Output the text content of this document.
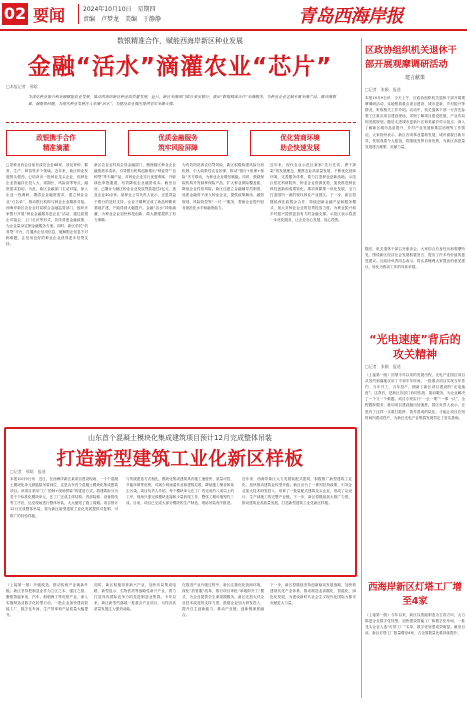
02 要闻	2024年10月10日　星期四
责编　卢梦龙　美编　于静静	青岛西海岸报
数银精准合作，赋能西海岸新区种业发展
金融“活水”滴灌农业“芯片”
□本报记者　邢晗
为深化种业振兴和金融赋能农业发展，推动西海岸新区种业高质量发展，近日，新区金融部门联合多家银行，推出“数银精准合作”金融服务，为种业企业定制专属金融产品，解决融资难、融资贵问题，为现代种业发展注入金融“活水”，为建设农业强区提供坚实金融支撑。
□见种业协会目前有成员企业68家，涉及育种、繁育、生产、种苗等多个领域。近年来，新区种业发展势头强劲，已培育出一批种业龙头企业，但种业企业普遍存在投入大、周期长、风险高等特点，融资需求迫切。为此，新区金融部门主动对接，深入企业一线调研，摸清企业融资需求，建立种业企业“白名单”，推动银行机构与种业企业精准对接。西海岸新区农业农村局联合金融监管部门，组织多家银行开展“种业金融服务进企业”活动，通过政银企对接会、上门走访等形式，宣传普惠金融政策，为企业量身定制金融服务方案。同时，新区依托“信易贷”平台，打通涉企信用信息，破解银企信息不对称难题，让信用良好的种业企业获得更多信贷支持。
政银携手合作
精准滴灌
优质金融服务
筑牢风险屏障
优化营商环境
助企快速发展
新区农业农村局会同金融部门，梳理辖区种业企业融资需求清单，引导银行机构创新推出“种业贷”“良种贷”等专属产品，对种业企业实行优惠利率，开辟绿色审批通道，有效降低企业融资成本。截至目前，已累计为辖区种业企业发放贷款超过2亿元，惠及企业30余家。某种业公司负责人表示，正是得益于银行的及时支持，企业才顺利完成了新品种繁育基地扩建，产能得到大幅提升。金融“活水”持续滴灌，为种业企业加快科技创新、做大做强提供了有力保障。
为有效防范涉农信贷风险，新区积极构建风险分担机制，引入政策性农业担保，推动“银行+担保+保险”多方联动，为种业企业增信赋能。同时，鼓励保险机构开发制种保险产品，扩大种业保险覆盖面，降低企业经营风险。新区还建立金融辅导员制度，选派金融骨干深入种业企业，提供政策解读、融资规划、风险防控等“一对一”服务，帮助企业提升财务规范化水平和融资能力。
近年来，现代农业示范区秉承“先行先试、勇于探索”的发展理念，聚焦农业高质量发展，不断优化营商环境，完善服务体系，着力打造种业创新高地。示范区依托科研院所、种业企业资源优势，加快推进种业科技创新和成果转化，推动育繁推一体化发展，全力打造国内一流的现代种业产业园区。下一步，新区将继续深化政银企合作，持续创新金融产品和服务模式，加大对种业企业的信贷投放力度，为种业振兴和乡村振兴提供更加有力的金融支撑。示范区表示将进一步优化服务，让企业安心发展、放心投资。
区政协组织机关退休干部开展观摩调研活动
建言献策
□记者　张颖　报道
本报10月9日讯　今天上午，区政协组织机关退休干部开展观摩调研活动，实地察看重点项目建设、城市更新、乡村振兴等情况，听取相关工作介绍。活动中，机关退休干部一行首先参观了区重点项目建设现场，详细了解项目建设进展、产业布局和发展规划；随后走进城市更新片区和美丽乡村示范点，深入了解新区城市品质提升、乡村产业发展和基层治理等工作情况。大家纷纷表示，新区各项事业蓬勃发展，城市面貌日新月异，发展成果令人振奋，将继续发挥自身优势，为新区高质量发展建言献策、贡献力量。
随后，机关退休干部召开座谈会，大家结合自身经历和观摩所见，围绕新区经济社会发展积极发言，提出了许多有价值的意见建议。区政协负责同志表示，将认真梳理大家提出的意见建议，转化为推动工作的具体举措。
“光电速度”背后的攻关精神
□记者　张颖　报道
（上接第一版）回望今年以来的发展历程，光电产业园区项目从签约到落地仅用了不到半年时间，一批重点项目实现当年签约、当年开工、当年投产，刷新了新区项目建设的“光电速度”。这背后，是新区各部门协同作战、靠前服务，为企业解决了一个又一个难题。项目专班实行“一企一策”“一事一议”，全程跟踪服务，推动项目建设跑出加速度。园区负责人表示，正是有了这样一支敢打敢拼、善作善成的队伍，才能让项目在短时间内建成投产，为新区光电产业集群发展奠定了坚实基础。
西海岸新区灯塔工厂增至4家
（上接第一版）今年以来，新区以智能制造为主攻方向，大力推进企业数字化转型，加快建设智能工厂和数字化车间，一批龙头企业入选“灯塔工厂”名单，数字化转型成效明显。截至目前，新区灯塔工厂数量增至4家，占全国数量比重持续提升。
山东首个混凝土模块化集成建筑项目预计12月完成整体吊装
打造新型建筑工业化新区样板
□记者　邢晗　报道
本报10月9日讯　近日，在西海岸新区某项目建设现场，一个个混凝土模块化单元被陆续吊装到位，这是山东首个混凝土模块化集成建筑项目。该项目采用“工厂预制+现场拼装”的建造方式，将建筑拆分为若干个标准化模块单元，在工厂完成主体结构、内部装修、设备管线等工序后，运至现场进行整体吊装，大大缩短了施工周期。项目预计12月完成整体吊装，将为新区新型建筑工业化发展提供可复制、可推广的经验样板。
与传统建造方式相比，模块化集成建筑具有施工速度快、质量可控、节能环保等优势，可减少现场湿作业和建筑垃圾，降低施工噪音和扬尘污染。项目负责人介绍，每个模块单元在工厂内完成约八成以上的工序，现场只需完成模块连接和少量收尾工作，整体工期可缩短约三成。目前，项目已完成大部分模块的生产制造，现场吊装有序推进。
近年来，西海岸新区大力发展装配式建筑，积极推广新型建筑工业化，加快推动建筑业转型升级。新区出台了一系列扶持政策，引导企业加大技术研发投入，培育了一批装配式建筑龙头企业，形成了从设计、生产到施工的完整产业链。下一步，新区将继续加大推广力度，推动建筑业高质量发展，打造新型建筑工业化新区样板。
（上接第一版）升级改造，推动传统产业焕新升级。新区坚持把制造业作为立区之本、强区之基，聚焦智能家电、汽车、船舶海工等优势产业，深入实施制造业数字化转型行动，一批企业加快建设智能工厂、数字化车间，生产效率和产品质量大幅提升。
同时，新区积极培育新兴产业，加快布局集成电路、新型显示、生物医药等战略性新兴产业，着力打造具有国际竞争力的先进制造业集群。今年以来，新区新签约落地一批重点产业项目，为经济高质量发展注入强劲动能。
在推进产业升级过程中，新区注重优化营商环境，深化“放管服”改革，推行项目审批“拿地即开工”模式，为企业提供全生命周期服务。新区还加大对企业技术改造的支持力度，鼓励企业加大研发投入，提升自主创新能力，推动产业链、创新链深度融合。
下一步，新区将继续坚持创新驱动发展战略，加快构建现代化产业体系，推动制造业高端化、智能化、绿色化发展，为建设新时代社会主义现代化国际大都市贡献更大力量。
